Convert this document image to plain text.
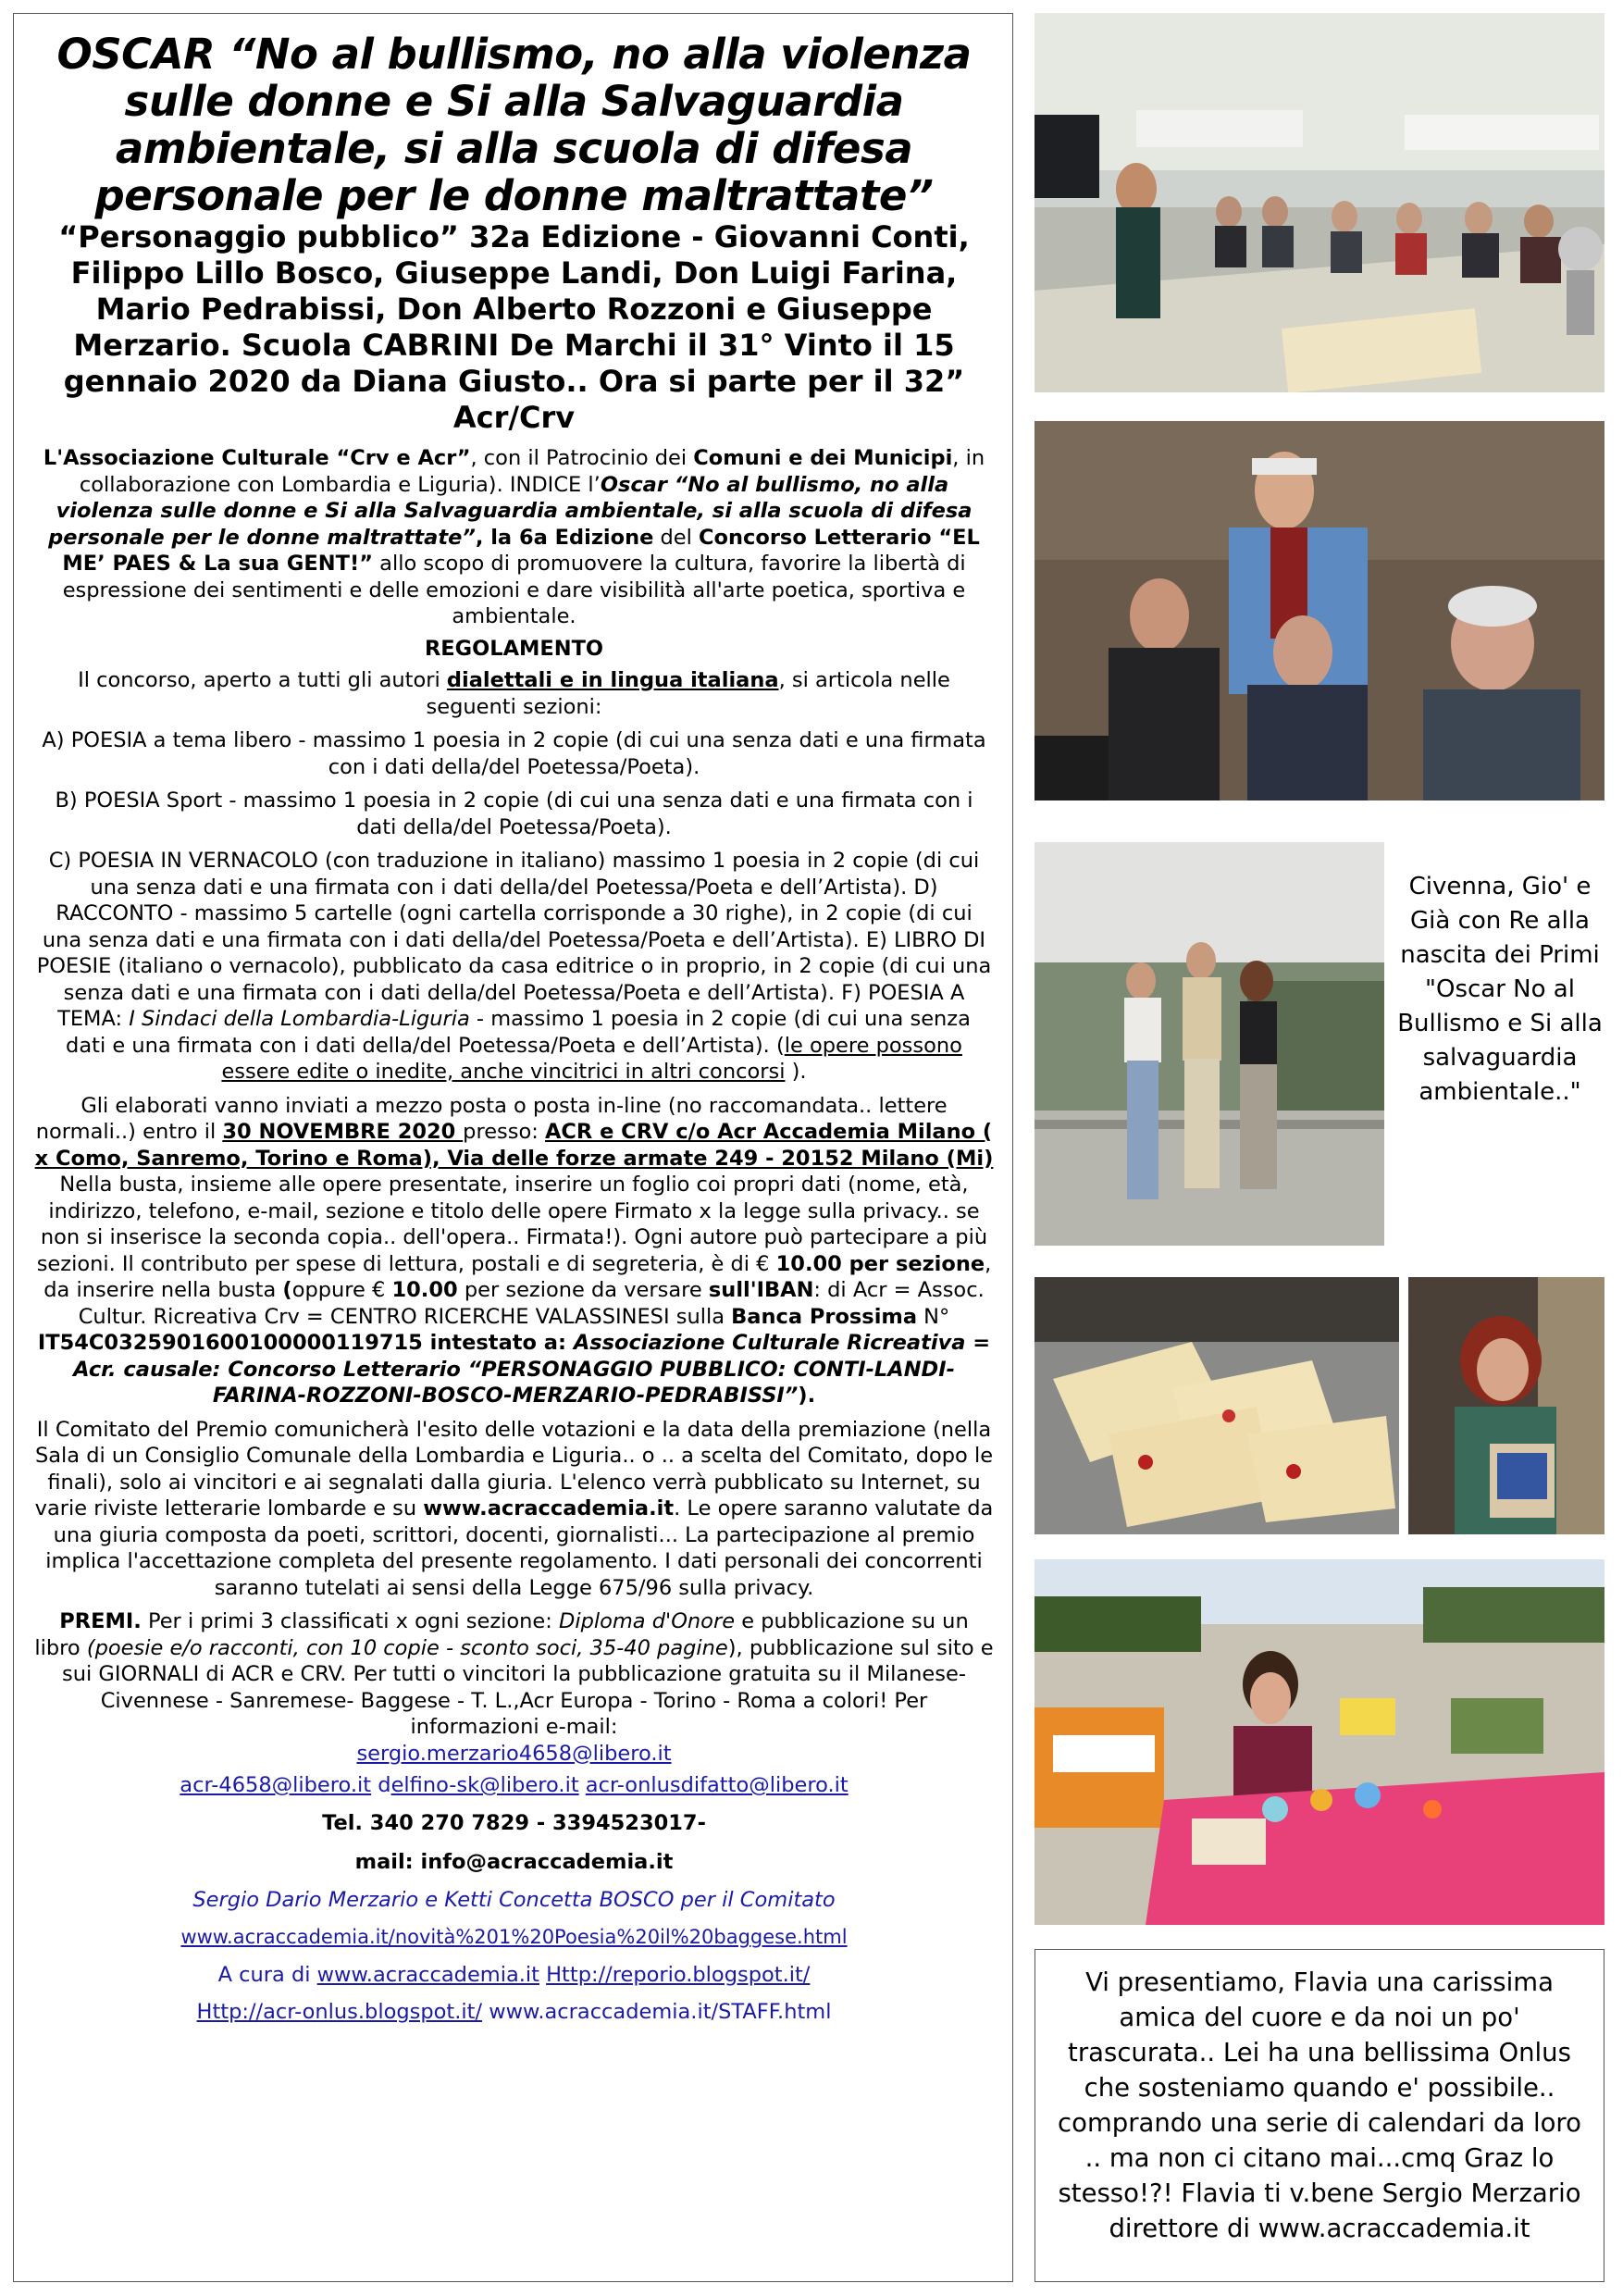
OSCAR “No al bullismo, no alla violenza

sulle donne e Si alla Salvaguardia

ambientale, si alla scuola di difesa

personale per le donne maltrattate”

“Personaggio pubblico” 32a Edizione - Giovanni Conti,

Filippo Lillo Bosco, Giuseppe Landi, Don Luigi Farina,

Mario Pedrabissi, Don Alberto Rozzoni e Giuseppe

Merzario. Scuola CABRINI De Marchi il 31° Vinto il 15

gennaio 2020 da Diana Giusto.. Ora si parte per il 32”

Acr/Crv

L'Associazione Culturale “Crv e Acr”, con il Patrocinio dei Comuni e dei Municipi, in collaborazione con Lombardia e Liguria). INDICE l’Oscar “No al bullismo, no alla violenza sulle donne e Si alla Salvaguardia ambientale, si alla scuola di difesa personale per le donne maltrattate”, la 6a Edizione del Concorso Letterario “EL ME’ PAES & La sua GENT!” allo scopo di promuovere la cultura, favorire la libertà di espressione dei sentimenti e delle emozioni e dare visibilità all'arte poetica, sportiva e ambientale.

REGOLAMENTO

Il concorso, aperto a tutti gli autori dialettali e in lingua italiana, si articola nelle seguenti sezioni:

A) POESIA a tema libero - massimo 1 poesia in 2 copie (di cui una senza dati e una firmata con i dati della/del Poetessa/Poeta).

B) POESIA Sport - massimo 1 poesia in 2 copie (di cui una senza dati e una firmata con i dati della/del Poetessa/Poeta).

C) POESIA IN VERNACOLO (con traduzione in italiano) massimo 1 poesia in 2 copie (di cui una senza dati e una firmata con i dati della/del Poetessa/Poeta e dell’Artista). D) RACCONTO - massimo 5 cartelle (ogni cartella corrisponde a 30 righe), in 2 copie (di cui una senza dati e una firmata con i dati della/del Poetessa/Poeta e dell’Artista). E) LIBRO DI POESIE (italiano o vernacolo), pubblicato da casa editrice o in proprio, in 2 copie (di cui una senza dati e una firmata con i dati della/del Poetessa/Poeta e dell’Artista). F) POESIA A TEMA: I Sindaci della Lombardia-Liguria - massimo 1 poesia in 2 copie (di cui una senza dati e una firmata con i dati della/del Poetessa/Poeta e dell’Artista). (le opere possono essere edite o inedite, anche vincitrici in altri concorsi ).

Gli elaborati vanno inviati a mezzo posta o posta in-line (no raccomandata.. lettere normali..) entro il 30 NOVEMBRE 2020 presso: ACR e CRV c/o Acr Accademia Milano ( x Como, Sanremo, Torino e Roma), Via delle forze armate 249 - 20152 Milano (Mi) Nella busta, insieme alle opere presentate, inserire un foglio coi propri dati (nome, età, indirizzo, telefono, e-mail, sezione e titolo delle opere Firmato x la legge sulla privacy.. se non si inserisce la seconda copia.. dell'opera.. Firmata!). Ogni autore può partecipare a più sezioni. Il contributo per spese di lettura, postali e di segreteria, è di € 10.00 per sezione, da inserire nella busta (oppure € 10.00 per sezione da versare sull'IBAN: di Acr = Assoc. Cultur. Ricreativa Crv = CENTRO RICERCHE VALASSINESI sulla Banca Prossima N° IT54C0325901600100000119715 intestato a: Associazione Culturale Ricreativa = Acr. causale: Concorso Letterario “PERSONAGGIO PUBBLICO: CONTI-LANDI-FARINA-ROZZONI-BOSCO-MERZARIO-PEDRABISSI”).

Il Comitato del Premio comunicherà l'esito delle votazioni e la data della premiazione (nella Sala di un Consiglio Comunale della Lombardia e Liguria.. o .. a scelta del Comitato, dopo le finali), solo ai vincitori e ai segnalati dalla giuria. L'elenco verrà pubblicato su Internet, su varie riviste letterarie lombarde e su www.acraccademia.it. Le opere saranno valutate da una giuria composta da poeti, scrittori, docenti, giornalisti... La partecipazione al premio implica l'accettazione completa del presente regolamento. I dati personali dei concorrenti saranno tutelati ai sensi della Legge 675/96 sulla privacy.

PREMI. Per i primi 3 classificati x ogni sezione: Diploma d'Onore e pubblicazione su un libro (poesie e/o racconti, con 10 copie - sconto soci, 35-40 pagine), pubblicazione sul sito e sui GIORNALI di ACR e CRV. Per tutti o vincitori la pubblicazione gratuita su il Milanese-Civennese - Sanremese- Baggese - T. L.,Acr Europa - Torino - Roma a colori! Per informazioni e-mail:
sergio.merzario4658@libero.it

acr-4658@libero.it delfino-sk@libero.it acr-onlusdifatto@libero.it

Tel. 340 270 7829 - 3394523017-

mail: info@acraccademia.it

Sergio Dario Merzario e Ketti Concetta BOSCO per il Comitato

www.acraccademia.it/novità%201%20Poesia%20il%20baggese.html

A cura di www.acraccademia.it Http://reporio.blogspot.it/

Http://acr-onlus.blogspot.it/ www.acraccademia.it/STAFF.html

Civenna, Gio' e Già con Re alla nascita dei Primi "Oscar No al Bullismo e Si alla salvaguardia ambientale.."
Vi presentiamo, Flavia una carissima amica del cuore e da noi un po' trascurata.. Lei ha una bellissima Onlus che sosteniamo quando e' possibile.. comprando una serie di calendari da loro .. ma non ci citano mai...cmq Graz lo stesso!?! Flavia ti v.bene Sergio Merzario direttore di www.acraccademia.it
